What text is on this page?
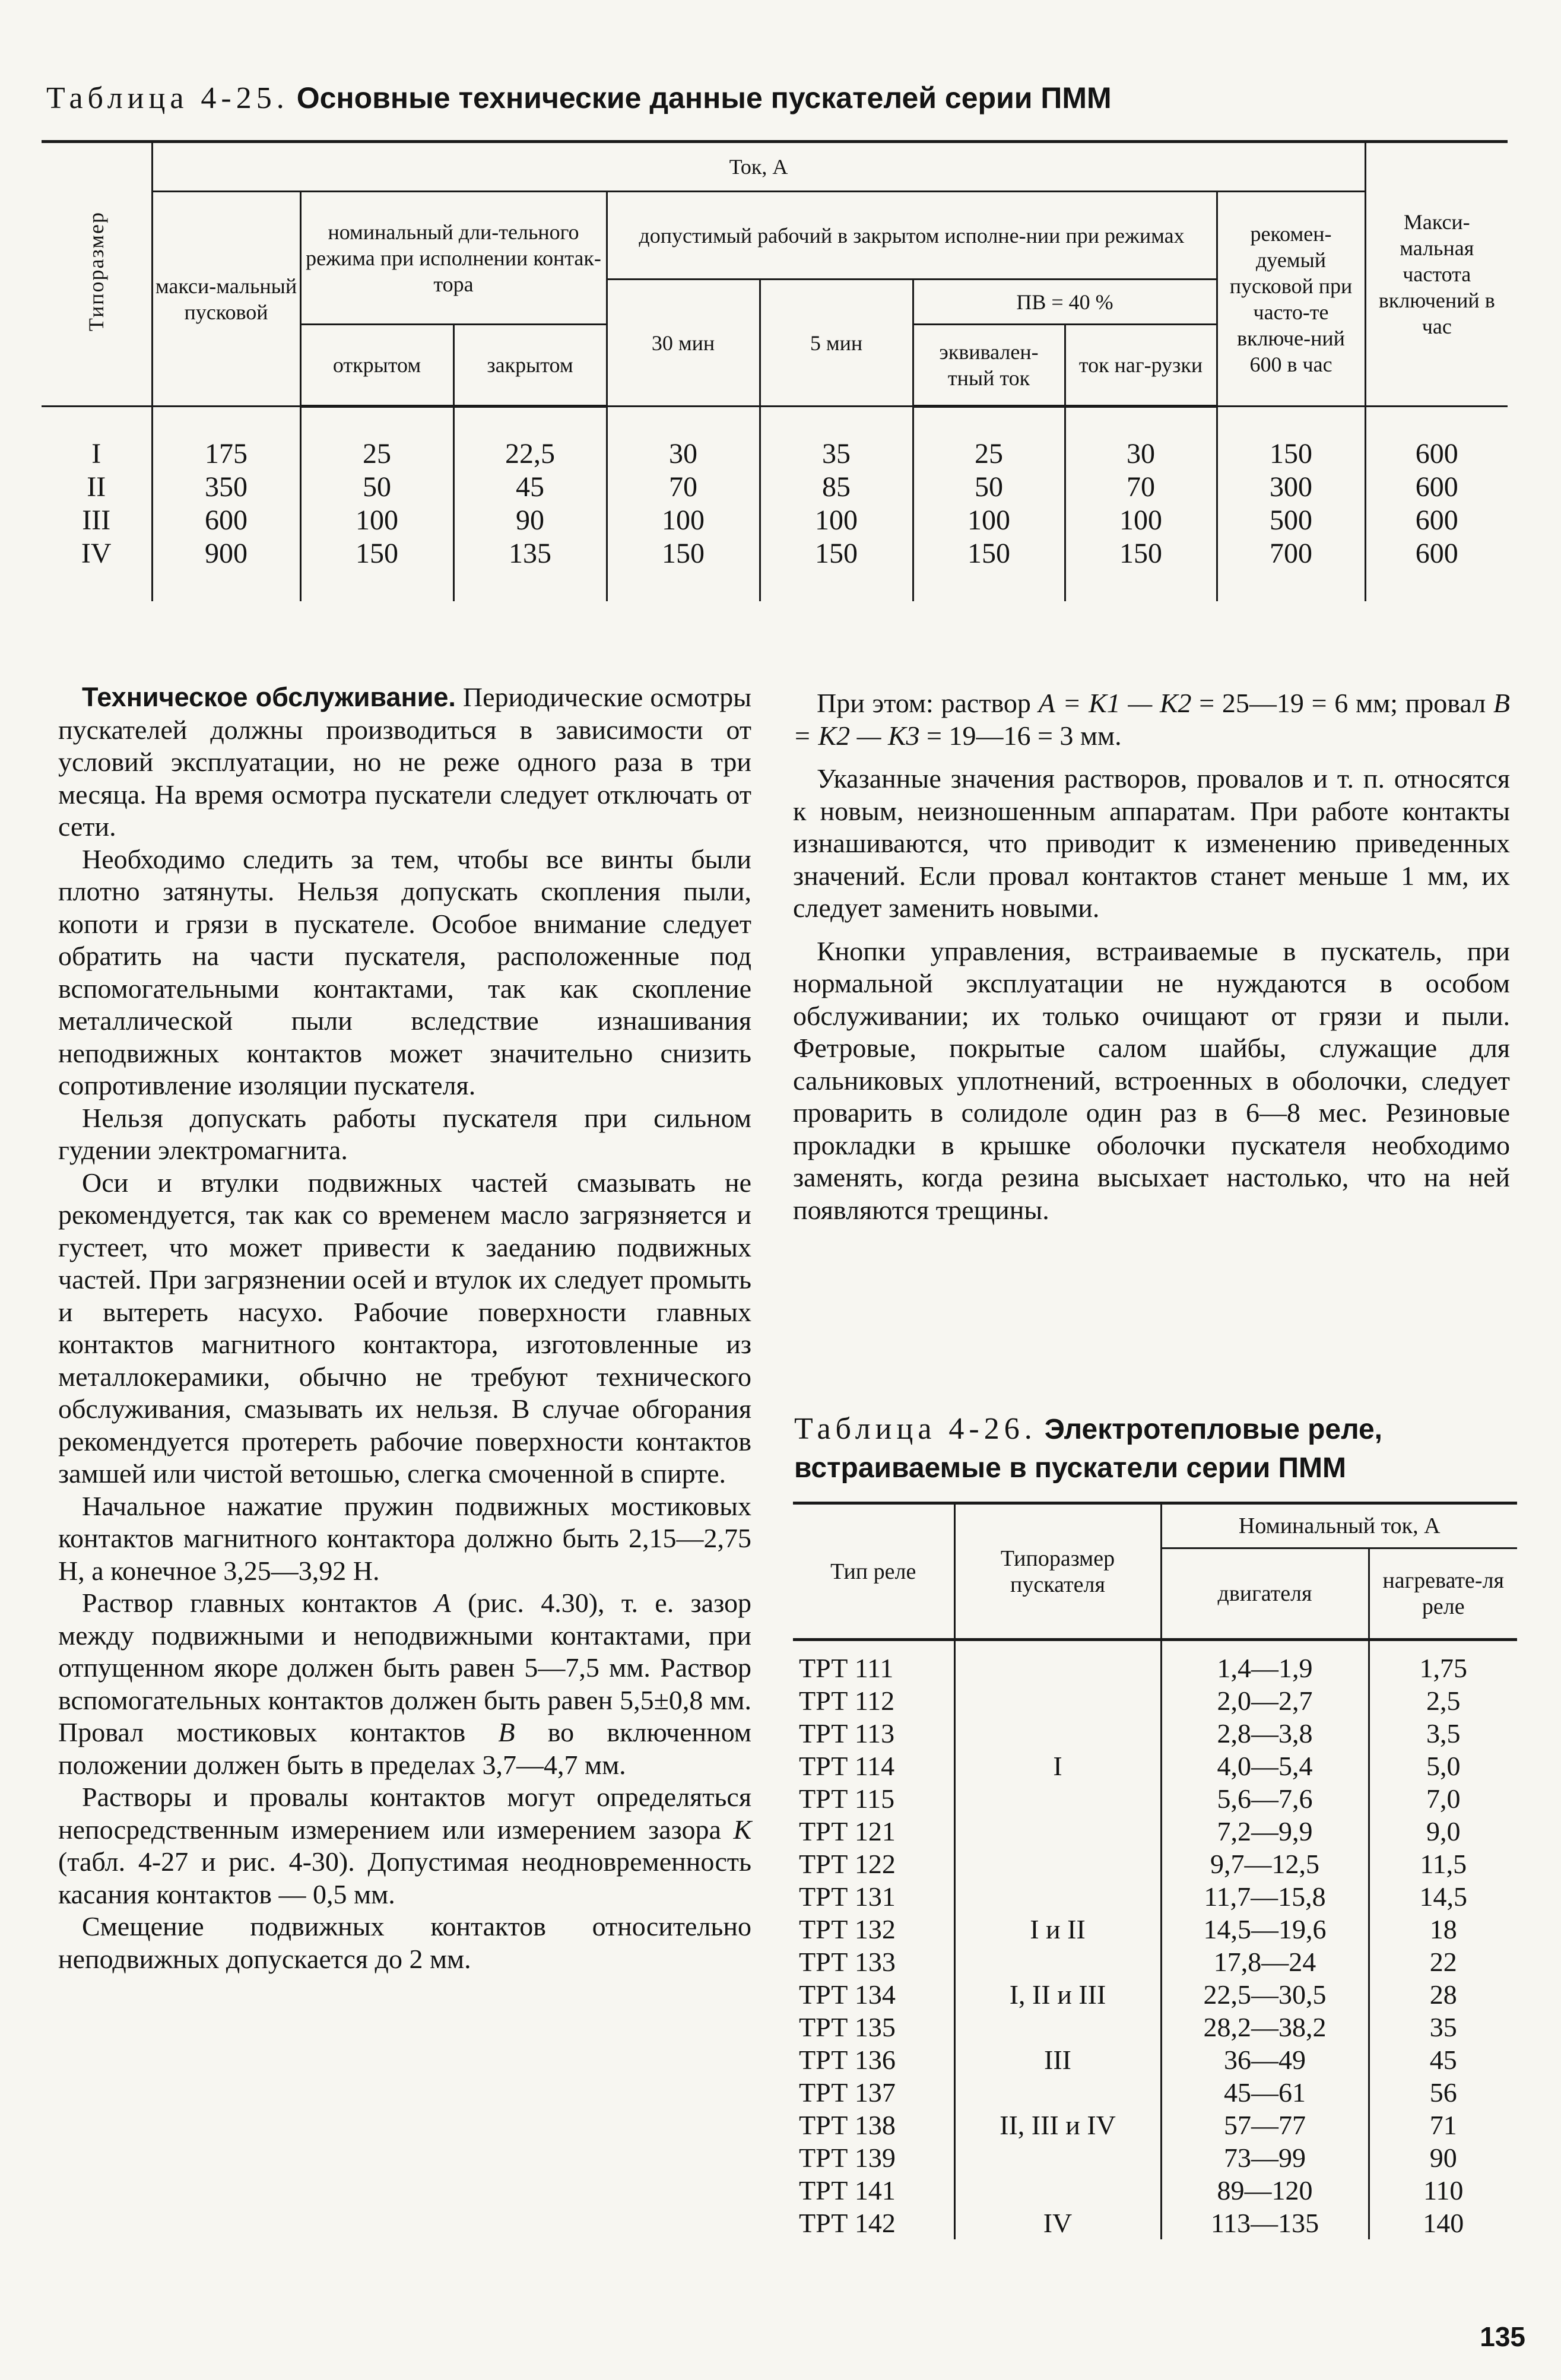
Таблица 4-25. Основные технические данные пускателей серии ПММ
Типоразмер	Ток, А								Макси-мальная частота включений в час
	макси-мальный пусковой	номинальный дли-тельного режима при исполнении контак-тора		допустимый рабочий в закрытом исполне-нии при режимах				рекомен-дуемый пусковой при часто-те включе-ний 600 в час	
				30 мин	5 мин	ПВ = 40 %			
		открытом	закрытом			эквивален-тный ток	ток наг-рузки		
I	175	25	22,5	30	35	25	30	150	600
II	350	50	45	70	85	50	70	300	600
III	600	100	90	100	100	100	100	500	600
IV	900	150	135	150	150	150	150	700	600

Техническое обслуживание. Периодические осмотры пускателей должны производиться в зависимости от условий эксплуатации, но не реже одного раза в три месяца. На время осмотра пускатели следует отключать от сети.

Необходимо следить за тем, чтобы все винты были плотно затянуты. Нельзя допускать скопления пыли, копоти и грязи в пускателе. Особое внимание следует обратить на части пускателя, расположенные под вспомогательными контактами, так как скопление металлической пыли вследствие изнашивания неподвижных контактов может значительно снизить сопротивление изоляции пускателя.

Нельзя допускать работы пускателя при сильном гудении электромагнита.

Оси и втулки подвижных частей смазывать не рекомендуется, так как со временем масло загрязняется и густеет, что может привести к заеданию подвижных частей. При загрязнении осей и втулок их следует промыть и вытереть насухо. Рабочие поверхности главных контактов магнитного контактора, изготовленные из металлокерамики, обычно не требуют технического обслуживания, смазывать их нельзя. В случае обгорания рекомендуется протереть рабочие поверхности контактов замшей или чистой ветошью, слегка смоченной в спирте.

Начальное нажатие пружин подвижных мостиковых контактов магнитного контактора должно быть 2,15—2,75 Н, а конечное 3,25—3,92 Н.

Раствор главных контактов А (рис. 4.30), т. е. зазор между подвижными и неподвижными контактами, при отпущенном якоре должен быть равен 5—7,5 мм. Раствор вспомогательных контактов должен быть равен 5,5±0,8 мм. Провал мостиковых контактов В во включенном положении должен быть в пределах 3,7—4,7 мм.

Растворы и провалы контактов могут определяться непосредственным измерением или измерением зазора К (табл. 4-27 и рис. 4-30). Допустимая неодновременность касания контактов — 0,5 мм.

Смещение подвижных контактов относительно неподвижных допускается до 2 мм.

При этом: раствор А = К1 — К2 = 25—19 = 6 мм; провал В = К2 — К3 = 19—16 = 3 мм.

Указанные значения растворов, провалов и т. п. относятся к новым, неизношенным аппаратам. При работе контакты изнашиваются, что приводит к изменению приведенных значений. Если провал контактов станет меньше 1 мм, их следует заменить новыми.

Кнопки управления, встраиваемые в пускатель, при нормальной эксплуатации не нуждаются в особом обслуживании; их только очищают от грязи и пыли. Фетровые, покрытые салом шайбы, служащие для сальниковых уплотнений, встроенных в оболочки, следует проварить в солидоле один раз в 6—8 мес. Резиновые прокладки в крышке оболочки пускателя необходимо заменять, когда резина высыхает настолько, что на ней появляются трещины.

Таблица 4-26. Электротепловые реле, встраиваемые в пускатели серии ПММ
Тип реле	Типоразмер пускателя	Номинальный ток, А	
		двигателя	нагревате-ля реле
ТРТ 111		1,4—1,9	1,75
ТРТ 112		2,0—2,7	2,5
ТРТ 113		2,8—3,8	3,5
ТРТ 114	I	4,0—5,4	5,0
ТРТ 115		5,6—7,6	7,0
ТРТ 121		7,2—9,9	9,0
ТРТ 122		9,7—12,5	11,5
ТРТ 131		11,7—15,8	14,5
ТРТ 132	I и II	14,5—19,6	18
ТРТ 133		17,8—24	22
ТРТ 134	I, II и III	22,5—30,5	28
ТРТ 135		28,2—38,2	35
ТРТ 136	III	36—49	45
ТРТ 137		45—61	56
ТРТ 138	II, III и IV	57—77	71
ТРТ 139		73—99	90
ТРТ 141		89—120	110
ТРТ 142	IV	113—135	140
135
